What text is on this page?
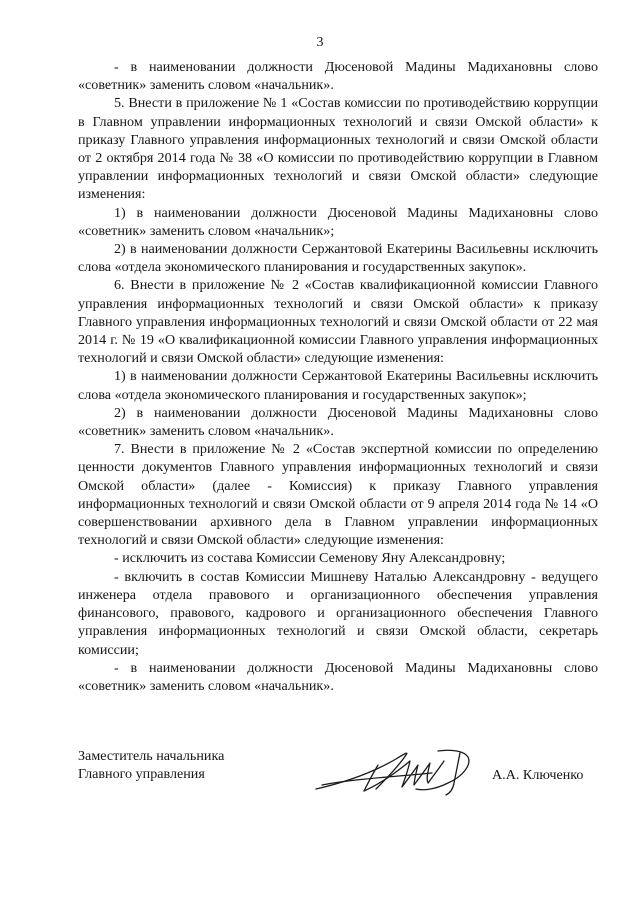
3

- в наименовании должности Дюсеновой Мадины Мадихановны слово «советник» заменить словом «начальник».

5. Внести в приложение № 1 «Состав комиссии по противодействию коррупции в Главном управлении информационных технологий и связи Омской области» к приказу Главного управления информационных технологий и связи Омской области от 2 октября 2014 года № 38 «О комиссии по противодействию коррупции в Главном управлении информационных технологий и связи Омской области» следующие изменения:

1) в наименовании должности Дюсеновой Мадины Мадихановны слово «советник» заменить словом «начальник»;

2) в наименовании должности Сержантовой Екатерины Васильевны исключить слова «отдела экономического планирования и государственных закупок».

6. Внести в приложение № 2 «Состав квалификационной комиссии Главного управления информационных технологий и связи Омской области» к приказу Главного управления информационных технологий и связи Омской области от 22 мая 2014 г. № 19 «О квалификационной комиссии Главного управления информационных технологий и связи Омской области» следующие изменения:

1) в наименовании должности Сержантовой Екатерины Васильевны исключить слова «отдела экономического планирования и государственных закупок»;

2) в наименовании должности Дюсеновой Мадины Мадихановны слово «советник» заменить словом «начальник».

7. Внести в приложение № 2 «Состав экспертной комиссии по определению ценности документов Главного управления информационных технологий и связи Омской области» (далее - Комиссия) к приказу Главного управления информационных технологий и связи Омской области от 9 апреля 2014 года № 14 «О совершенствовании архивного дела в Главном управлении информационных технологий и связи Омской области» следующие изменения:

- исключить из состава Комиссии Семенову Яну Александровну;

- включить в состав Комиссии Мишневу Наталью Александровну - ведущего инженера отдела правового и организационного обеспечения управления финансового, правового, кадрового и организационного обеспечения Главного управления информационных технологий и связи Омской области, секретарь комиссии;

- в наименовании должности Дюсеновой Мадины Мадихановны слово «советник» заменить словом «начальник».

Заместитель начальника
Главного управления	А.А. Ключенко
